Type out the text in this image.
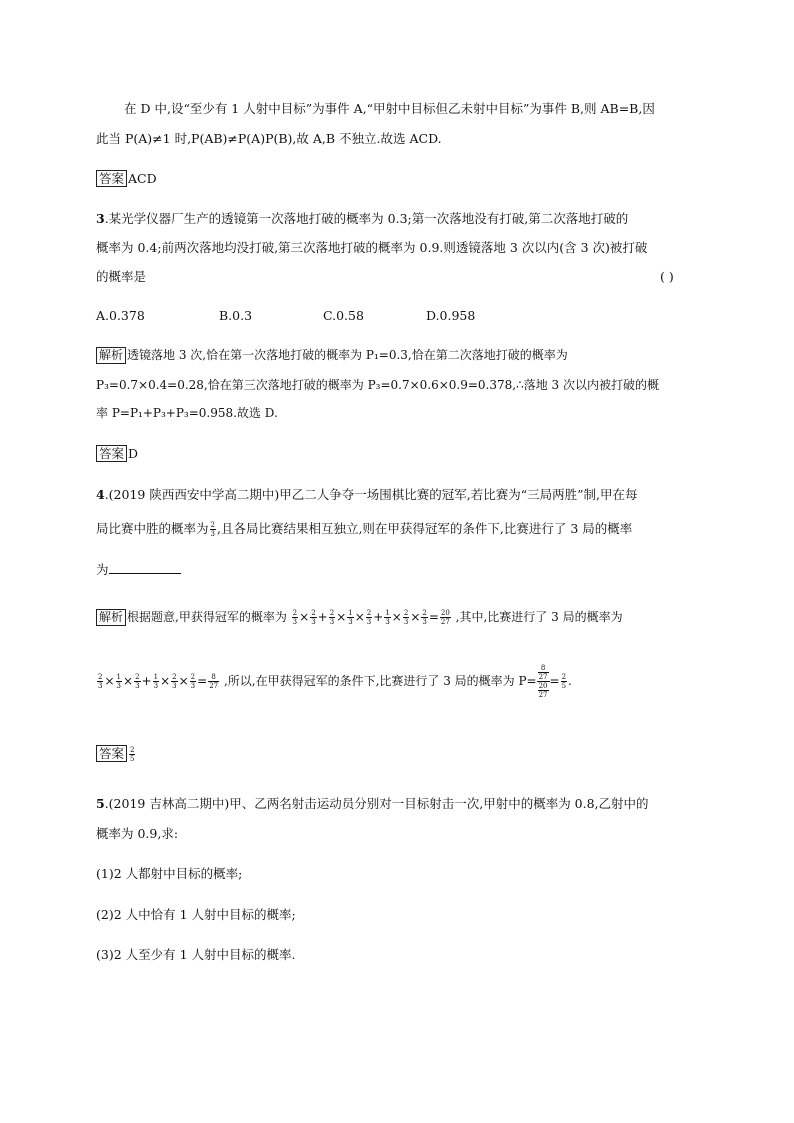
在 D 中,设“至少有 1 人射中目标”为事件 A,“甲射中目标但乙未射中目标”为事件 B,则 AB=B,因
此当 P(A)≠1 时,P(AB)≠P(A)P(B),故 A,B 不独立.故选 ACD.
答案 ACD
3.某光学仪器厂生产的透镜第一次落地打破的概率为 0.3;第一次落地没有打破,第二次落地打破的
概率为 0.4;前两次落地均没打破,第三次落地打破的概率为 0.9.则透镜落地 3 次以内(含 3 次)被打破
的概率是	( )
A.0.378	B.0.3	C.0.58	D.0.958
解析 透镜落地 3 次,恰在第一次落地打破的概率为 P₁=0.3,恰在第二次落地打破的概率为
P₃=0.7×0.4=0.28,恰在第三次落地打破的概率为 P₃=0.7×0.6×0.9=0.378,∴落地 3 次以内被打破的概
率 P=P₁+P₃+P₃=0.958.故选 D.
答案 D
4.(2019 陕西西安中学高二期中)甲乙二人争夺一场围棋比赛的冠军,若比赛为“三局两胜”制,甲在每
局比赛中胜的概率为 $\frac{2}{3}$ ,且各局比赛结果相互独立,则在甲获得冠军的条件下,比赛进行了 3 局的概率
为
解析 根据题意,甲获得冠军的概率为 $\frac{2}{3} \times \frac{2}{3} + \frac{2}{3} \times \frac{1}{3} \times \frac{2}{3} + \frac{1}{3} \times \frac{2}{3} \times \frac{2}{3} = \frac{20}{27}$ ,其中,比赛进行了 3 局的概率为
$\frac{2}{3} \times \frac{1}{3} \times \frac{2}{3} + \frac{1}{3} \times \frac{2}{3} \times \frac{2}{3} = \frac{8}{27}$ ,所以,在甲获得冠军的条件下,比赛进行了 3 局的概率为 $P= \frac{\frac{8}{27}}{\frac{20}{27}} = \frac{2}{5}$ .
答案 $\frac{2}{5}$
5.(2019 吉林高二期中)甲、乙两名射击运动员分别对一目标射击一次,甲射中的概率为 0.8,乙射中的
概率为 0.9,求:
(1)2 人都射中目标的概率;
(2)2 人中恰有 1 人射中目标的概率;
(3)2 人至少有 1 人射中目标的概率.
